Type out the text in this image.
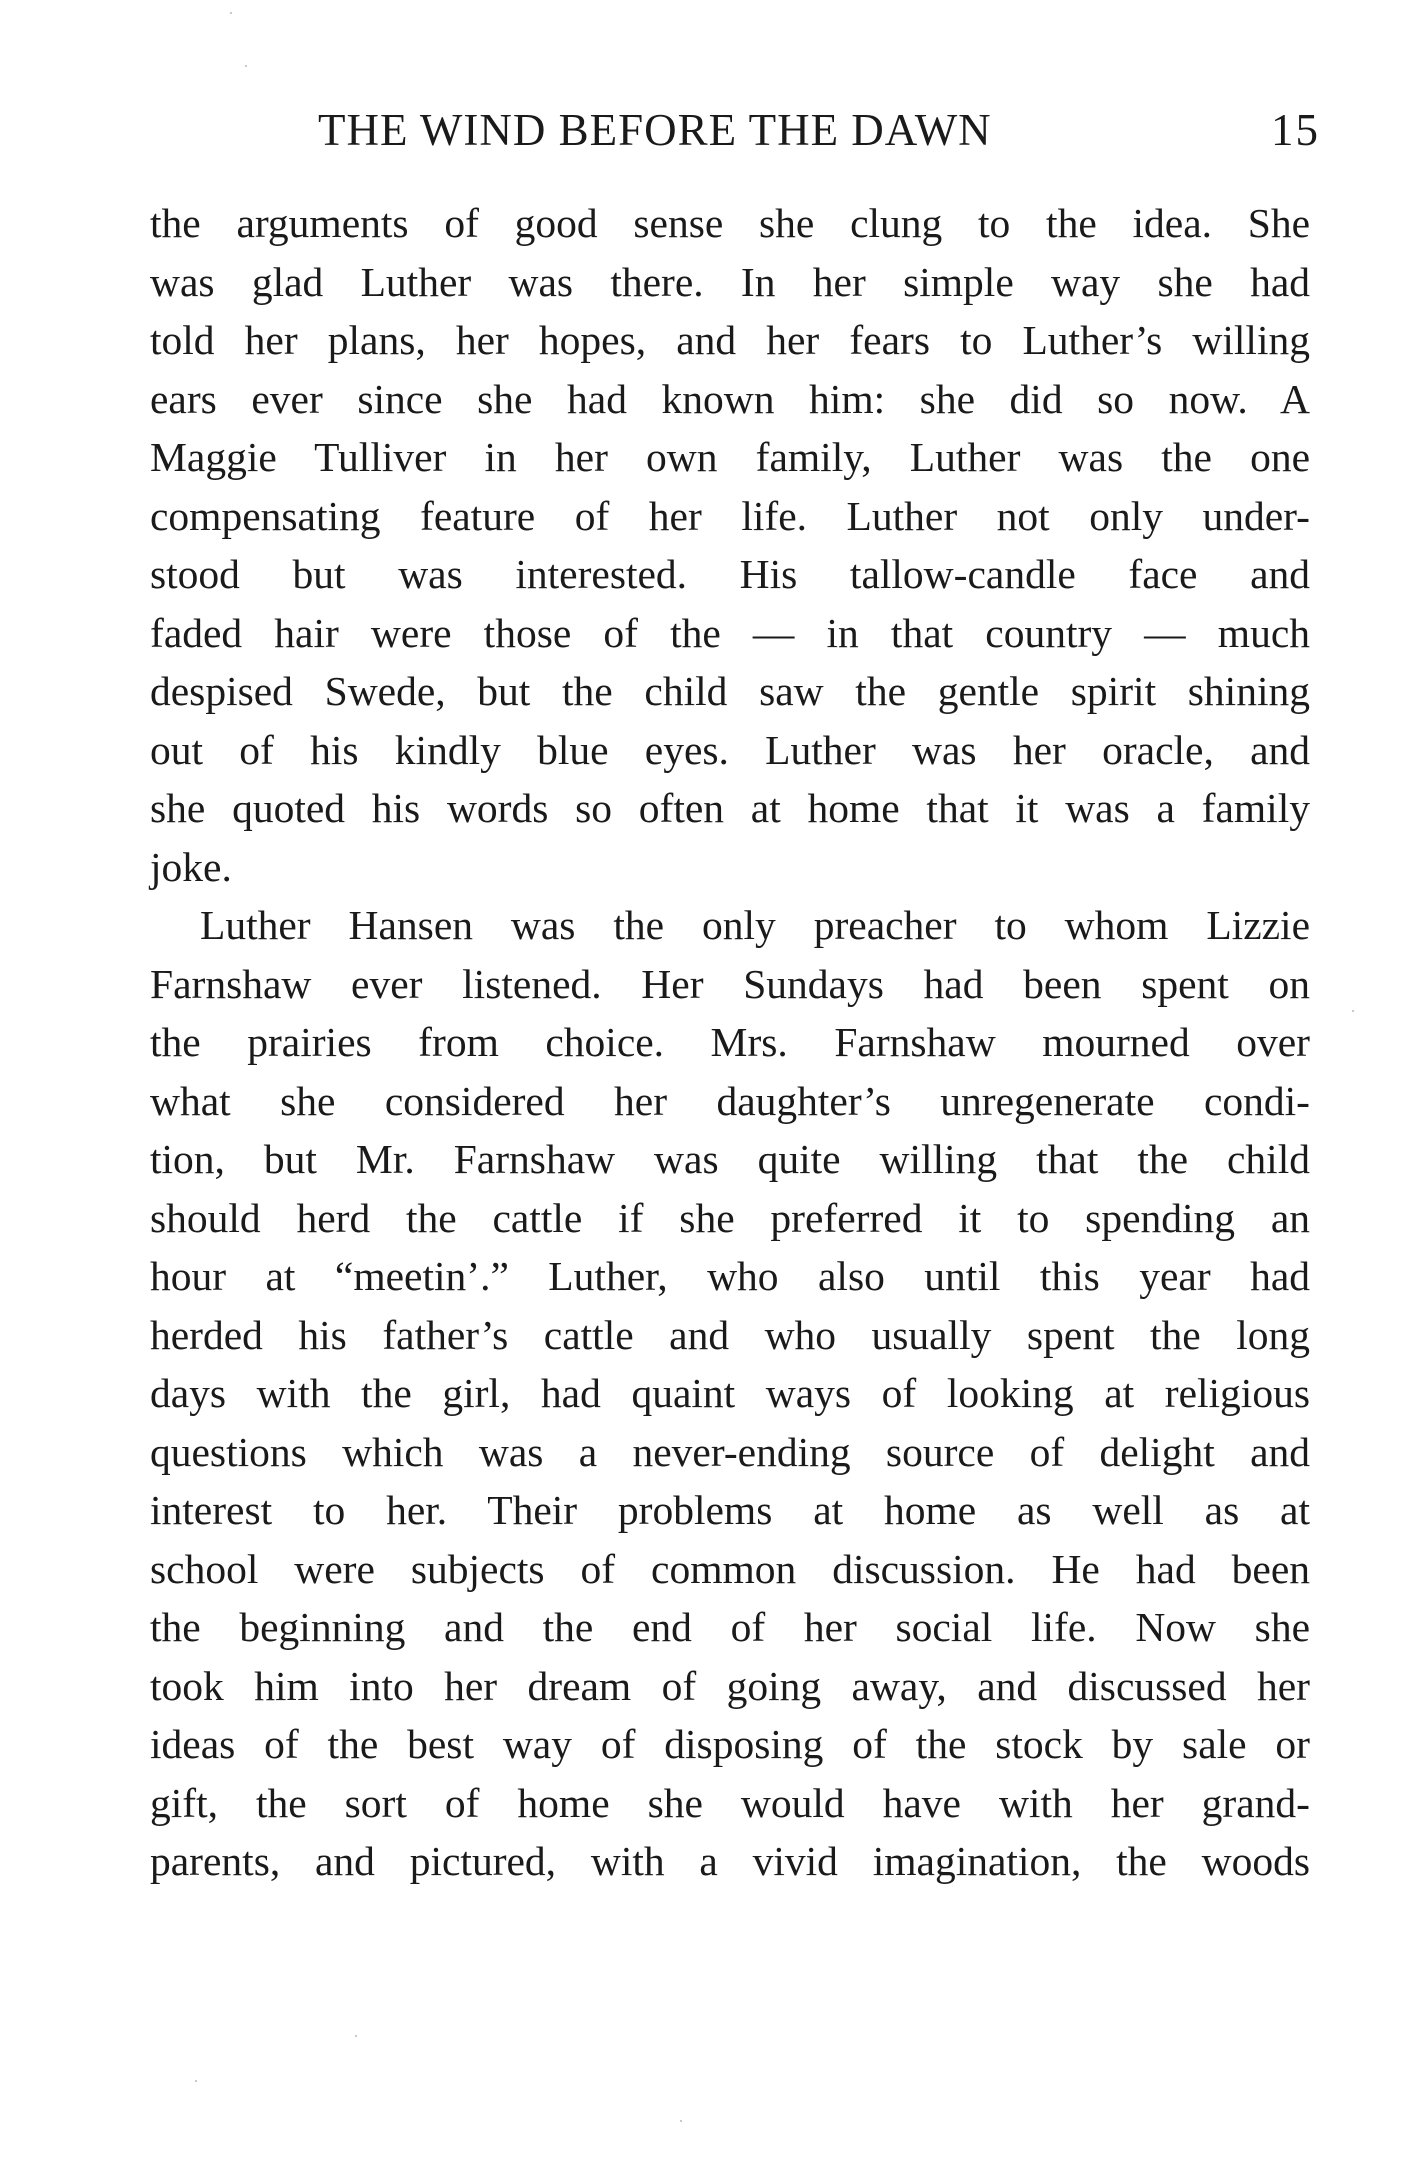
THE WIND BEFORE THE DAWN	15
the arguments of good sense she clung to the idea. She
was glad Luther was there. In her simple way she had
told her plans, her hopes, and her fears to Luther’s willing
ears ever since she had known him: she did so now. A
Maggie Tulliver in her own family, Luther was the one
compensating feature of her life. Luther not only under-
stood but was interested. His tallow-candle face and
faded hair were those of the — in that country — much
despised Swede, but the child saw the gentle spirit shining
out of his kindly blue eyes. Luther was her oracle, and
she quoted his words so often at home that it was a family
joke.
Luther Hansen was the only preacher to whom Lizzie
Farnshaw ever listened. Her Sundays had been spent on
the prairies from choice. Mrs. Farnshaw mourned over
what she considered her daughter’s unregenerate condi-
tion, but Mr. Farnshaw was quite willing that the child
should herd the cattle if she preferred it to spending an
hour at “meetin’.” Luther, who also until this year had
herded his father’s cattle and who usually spent the long
days with the girl, had quaint ways of looking at religious
questions which was a never-ending source of delight and
interest to her. Their problems at home as well as at
school were subjects of common discussion. He had been
the beginning and the end of her social life. Now she
took him into her dream of going away, and discussed her
ideas of the best way of disposing of the stock by sale or
gift, the sort of home she would have with her grand-
parents, and pictured, with a vivid imagination, the woods
